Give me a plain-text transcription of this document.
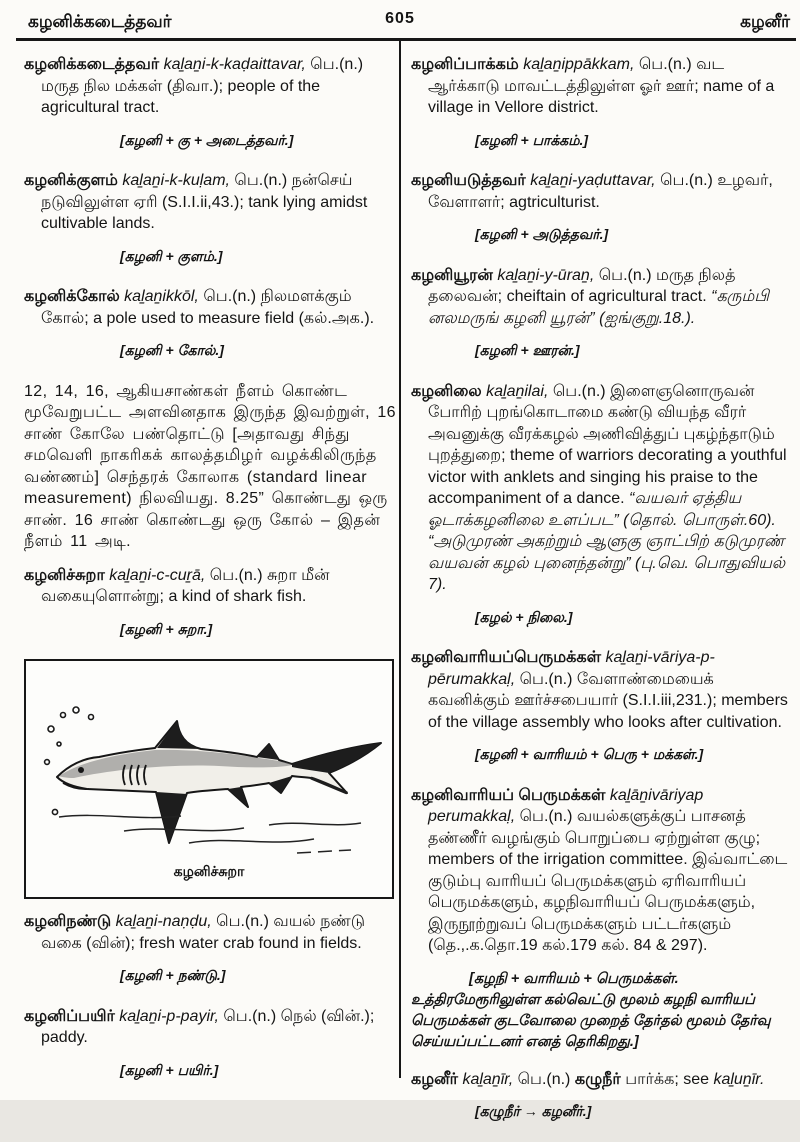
கழனிக்கடைத்தவர்	605	கழனீர்

கழனிக்கடைத்தவர் kaḻaṉi-k-kaḍaittavar, பெ.(n.) மருத நில மக்கள் (திவா.); people of the agricultural tract.

[கழனி + கு + அடைத்தவர்.]

கழனிக்குளம் kaḻaṉi-k-kuḷam, பெ.(n.) நன்செய் நடுவிலுள்ள ஏரி (S.I.I.ii,43.); tank lying amidst cultivable lands.

[கழனி + குளம்.]

கழனிக்கோல் kaḻaṉikkōl, பெ.(n.) நிலமளக்கும் கோல்; a pole used to measure field (கல்.அக.).

[கழனி + கோல்.]

12, 14, 16, ஆகியசாண்கள் நீளம் கொண்ட மூவேறுபட்ட அளவினதாக இருந்த இவற்றுள், 16 சாண் கோலே பண்தொட்டு [அதாவது சிந்து சமவெளி நாகரிகக் காலத்தமிழர் வழக்கிலிருந்த வண்ணம்] செந்தரக் கோலாக (standard linear measurement) நிலவியது. 8.25” கொண்டது ஒரு சாண். 16 சாண் கொண்டது ஒரு கோல் – இதன் நீளம் 11 அடி.

கழனிச்சுறா kaḻaṉi-c-cuṟā, பெ.(n.) சுறா மீன் வகையுளொன்று; a kind of shark fish.

[கழனி + சுறா.]

கழனிச்சுறா

கழனிநண்டு kaḻaṉi-naṇḍu, பெ.(n.) வயல் நண்டு வகை (வின்); fresh water crab found in fields.

[கழனி + நண்டு.]

கழனிப்பயிர் kaḻaṉi-p-payir, பெ.(n.) நெல் (வின்.); paddy.

[கழனி + பயிர்.]

கழனிப்பாக்கம் kaḻaṉippākkam, பெ.(n.) வட ஆர்க்காடு மாவட்டத்திலுள்ள ஓர் ஊர்; name of a village in Vellore district.

[கழனி + பாக்கம்.]

கழனியடுத்தவர் kaḻaṉi-yaḍuttavar, பெ.(n.) உழவர், வேளாளர்; agtriculturist.

[கழனி + அடுத்தவர்.]

கழனியூரன் kaḻaṉi-y-ūraṉ, பெ.(n.) மருத நிலத் தலைவன்; cheiftain of agricultural tract. “கரும்பி னலமருங் கழனி யூரன்” (ஐங்குறு.18.).

[கழனி + ஊரன்.]

கழனிலை kaḻaṉilai, பெ.(n.) இளைஞனொருவன் போரிற் புறங்கொடாமை கண்டு வியந்த வீரர் அவனுக்கு வீரக்கழல் அணிவித்துப் புகழ்ந்தாடும் புறத்துறை; theme of warriors decorating a youthful victor with anklets and singing his praise to the accompaniment of a dance. “வயவர் ஏத்திய ஓடாக்கழனிலை உளப்பட” (தொல். பொருள்.60). “அடுமுரண் அகற்றும் ஆளுகு ஞாட்பிற் கடுமுரண் வயவன் கழல் புனைந்தன்று” (பு.வெ. பொதுவியல் 7).

[கழல் + நிலை.]

கழனிவாரியப்பெருமக்கள் kaḻaṉi-vāriya-p-pērumakkaḷ, பெ.(n.) வேளாண்மையைக் கவனிக்கும் ஊர்ச்சபையார் (S.I.I.iii,231.); members of the village assembly who looks after cultivation.

[கழனி + வாரியம் + பெரு + மக்கள்.]

கழனிவாரியப் பெருமக்கள் kaḻāṉivāriyap perumakkaḷ, பெ.(n.) வயல்களுக்குப் பாசனத் தண்ணீர் வழங்கும் பொறுப்பை ஏற்றுள்ள குழு; members of the irrigation committee. இவ்வாட்டை குடும்பு வாரியப் பெருமக்களும் ஏரிவாரியப் பெருமக்களும், கழநிவாரியப் பெருமக்களும், இருநூற்றுவப் பெருமக்களும் பட்டர்களும் (தெ.,.க.தொ.19 கல்.179 கல். 84 & 297).

[கழநி + வாரியம் + பெருமக்கள். உத்திரமேரூரிலுள்ள கல்வெட்டு மூலம் கழநி வாரியப் பெருமக்கள் குடவோலை முறைத் தேர்தல் மூலம் தேர்வு செய்யப்பட்டனர் எனத் தெரிகிறது.]

கழனீர் kaḻaṉīr, பெ.(n.) கழுநீர் பார்க்க; see kaḻuṉīr.

[கழுநீர் → கழனீர்.]
